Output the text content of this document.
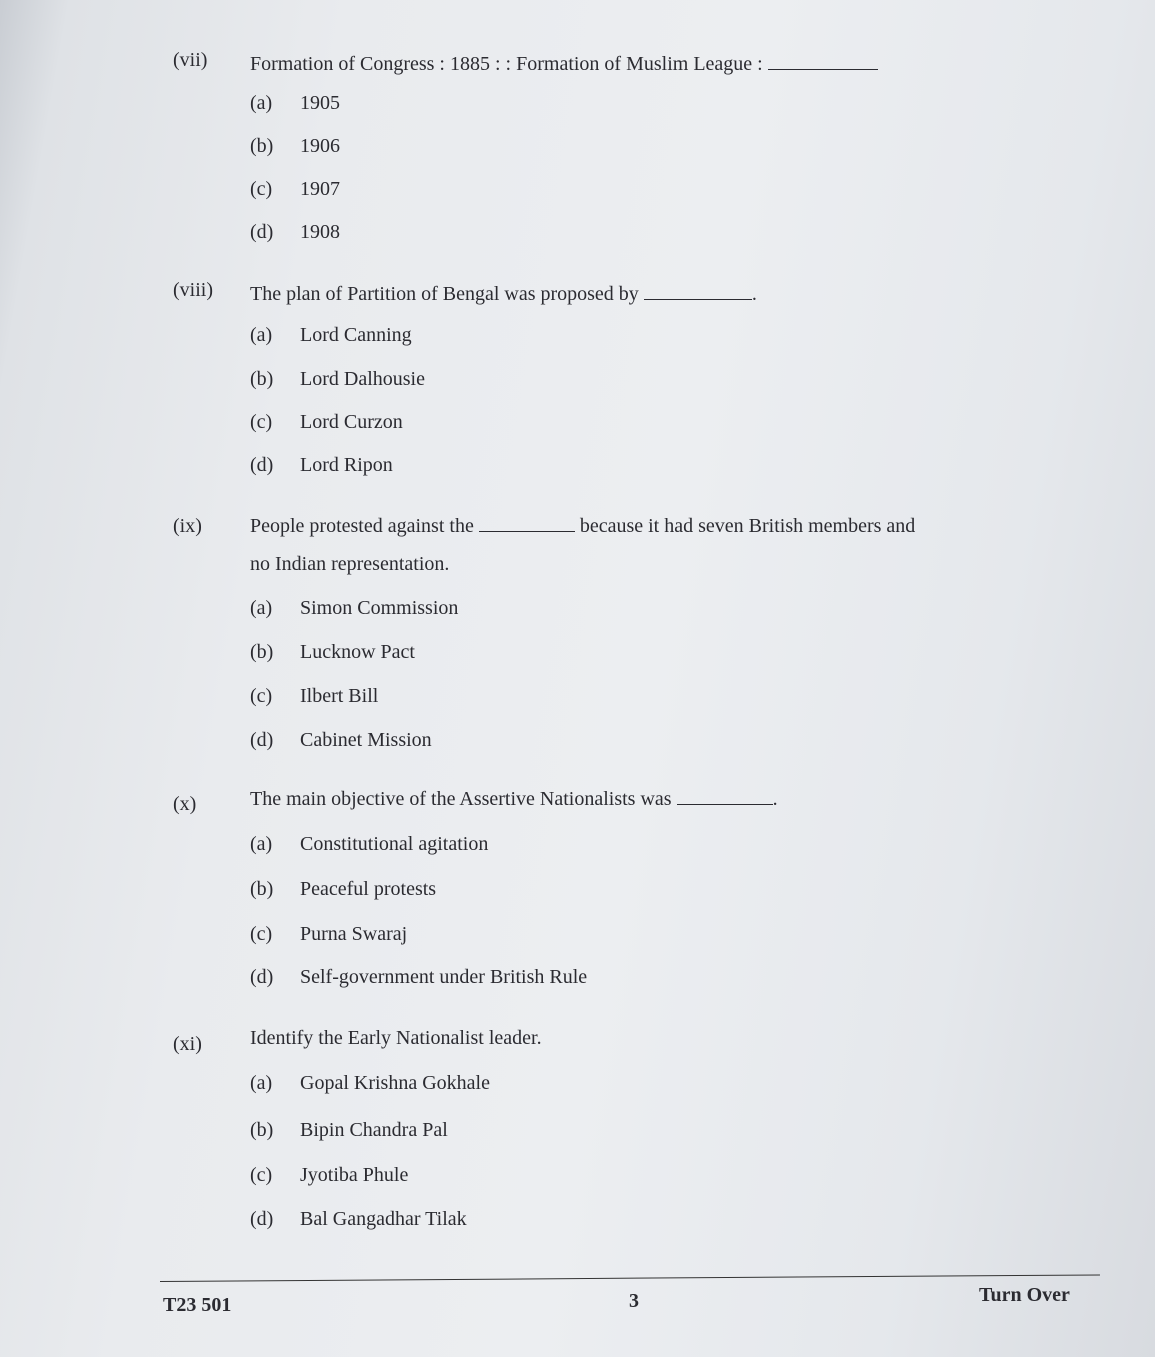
(vii) Formation of Congress : 1885 : : Formation of Muslim League :
(a) 1905
(b) 1906
(c) 1907
(d) 1908
(viii) The plan of Partition of Bengal was proposed by	.
(a) Lord Canning
(b) Lord Dalhousie
(c) Lord Curzon
(d) Lord Ripon
(ix) People protested against the	because it had seven British members and
no Indian representation.
(a) Simon Commission
(b) Lucknow Pact
(c) Ilbert Bill
(d) Cabinet Mission
(x)	The main objective of the Assertive Nationalists was	.
(a) Constitutional agitation
(b) Peaceful protests
(c) Purna Swaraj
(d) Self-government under British Rule
(xi) Identify the Early Nationalist leader.
(a) Gopal Krishna Gokhale
(b) Bipin Chandra Pal
(c) Jyotiba Phule
(d) Bal Gangadhar Tilak
T23 501	3	Turn Over
